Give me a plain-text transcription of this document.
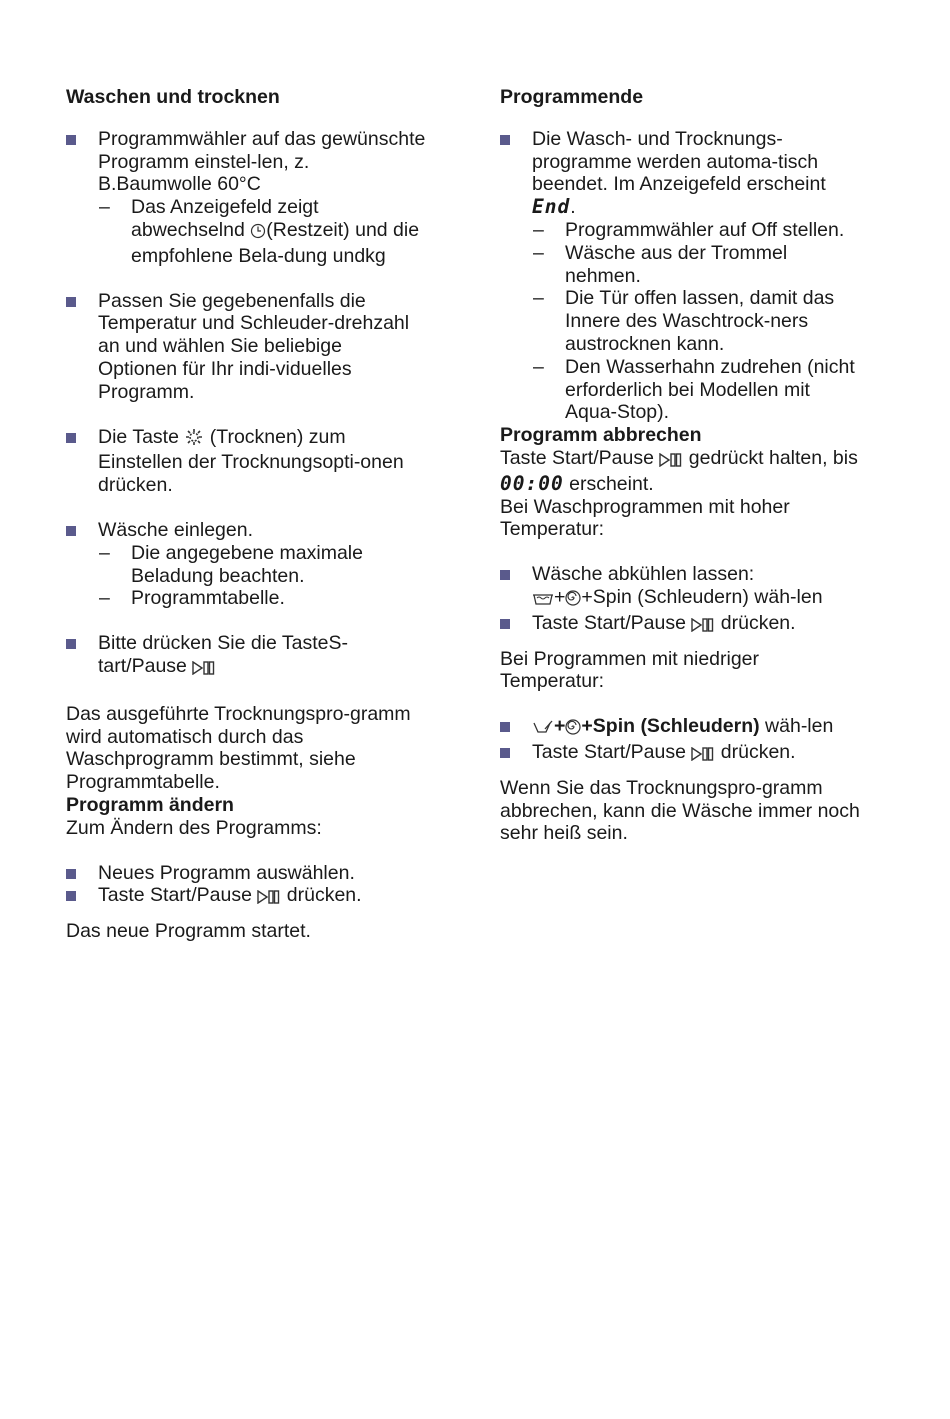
Waschen und trocknen
Programmwähler auf das gewünschte Programm einstel-len, z. B.Baumwolle 60°C
– Das Anzeigefeld zeigt abwechselnd (Restzeit) und die empfohlene Bela-dung undkg
Passen Sie gegebenenfalls die Temperatur und Schleuder-drehzahl an und wählen Sie beliebige Optionen für Ihr indi-viduelles Programm.
Die Taste  (Trocknen) zum Einstellen der Trocknungsopti-onen drücken.
Wäsche einlegen.
– Die angegebene maximale Beladung beachten.
– Programmtabelle.
Bitte drücken Sie die TasteS-tart/Pause

Das ausgeführte Trocknungspro-gramm wird automatisch durch das Waschprogramm bestimmt, siehe Programmtabelle.

Programm ändern

Zum Ändern des Programms:

Neues Programm auswählen.
Taste Start/Pause  drücken.

Das neue Programm startet.

Programmende
Die Wasch- und Trocknungs-programme werden automa-tisch beendet. Im Anzeigefeld erscheint End.
– Programmwähler auf Off stellen.
– Wäsche aus der Trommel nehmen.
– Die Tür offen lassen, damit das Innere des Waschtrock-ners austrocknen kann.
– Den Wasserhahn zudrehen (nicht erforderlich bei Modellen mit Aqua-Stop).
Programm abbrechen

Taste Start/Pause  gedrückt halten, bis 00:00 erscheint.

Bei Waschprogrammen mit hoher Temperatur:

Wäsche abkühlen lassen:
+ +Spin (Schleudern) wäh-len
Taste Start/Pause  drücken.

Bei Programmen mit niedriger Temperatur:

+ +Spin (Schleudern) wäh-len
Taste Start/Pause  drücken.

Wenn Sie das Trocknungspro-gramm abbrechen, kann die Wäsche immer noch sehr heiß sein.
